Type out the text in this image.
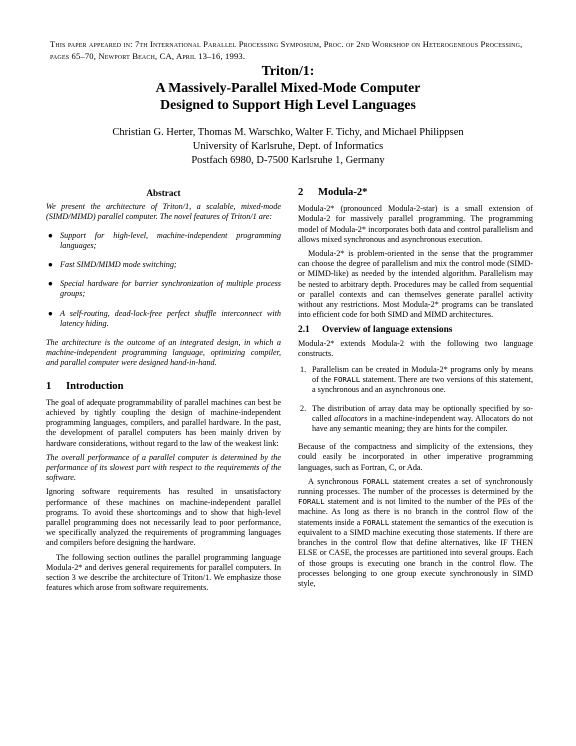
This paper appeared in: 7th International Parallel Processing Symposium, Proc. of 2nd Workshop on Heterogeneous Processing, pages 65–70, Newport Beach, CA, April 13–16, 1993.
Triton/1:
A Massively-Parallel Mixed-Mode Computer
Designed to Support High Level Languages
Christian G. Herter, Thomas M. Warschko, Walter F. Tichy, and Michael Philippsen
University of Karlsruhe, Dept. of Informatics
Postfach 6980, D-7500 Karlsruhe 1, Germany
Abstract
We present the architecture of Triton/1, a scalable, mixed-mode (SIMD/MIMD) parallel computer. The novel features of Triton/1 are:
● Support for high-level, machine-independent programming languages;
● Fast SIMD/MIMD mode switching;
● Special hardware for barrier synchronization of multiple process groups;
● A self-routing, dead-lock-free perfect shuffle interconnect with latency hiding.
The architecture is the outcome of an integrated design, in which a machine-independent programming language, optimizing compiler, and parallel computer were designed hand-in-hand.
1 Introduction
The goal of adequate programmability of parallel machines can best be achieved by tightly coupling the design of machine-independent programming languages, compilers, and parallel hardware. In the past, the development of parallel computers has been mainly driven by hardware considerations, without regard to the law of the weakest link:
The overall performance of a parallel computer is determined by the performance of its slowest part with respect to the requirements of the software.
Ignoring software requirements has resulted in unsatisfactory performance of these machines on machine-independent parallel programs. To avoid these shortcomings and to show that high-level parallel programming does not necessarily lead to poor performance, we specifically analyzed the requirements of programming languages and compilers before designing the hardware.
The following section outlines the parallel programming language Modula-2* and derives general requirements for parallel computers. In section 3 we describe the architecture of Triton/1. We emphasize those features which arose from software requirements.
2 Modula-2*
Modula-2* (pronounced Modula-2-star) is a small extension of Modula-2 for massively parallel programming. The programming model of Modula-2* incorporates both data and control parallelism and allows mixed synchronous and asynchronous execution.
Modula-2* is problem-oriented in the sense that the programmer can choose the degree of parallelism and mix the control mode (SIMD- or MIMD-like) as needed by the intended algorithm. Parallelism may be nested to arbitrary depth. Procedures may be called from sequential or parallel contexts and can themselves generate parallel activity without any restrictions. Most Modula-2* programs can be translated into efficient code for both SIMD and MIMD architectures.
2.1 Overview of language extensions
Modula-2* extends Modula-2 with the following two language constructs.
1. Parallelism can be created in Modula-2* programs only by means of the FORALL statement. There are two versions of this statement, a synchronous and an asynchronous one.
2. The distribution of array data may be optionally specified by so-called allocators in a machine-independent way. Allocators do not have any semantic meaning; they are hints for the compiler.
Because of the compactness and simplicity of the extensions, they could easily be incorporated in other imperative programming languages, such as Fortran, C, or Ada.
A synchronous FORALL statement creates a set of synchronously running processes. The number of the processes is determined by the FORALL statement and is not limited to the number of the PEs of the machine. As long as there is no branch in the control flow of the statements inside a FORALL statement the semantics of the execution is equivalent to a SIMD machine executing those statements. If there are branches in the control flow that define alternatives, like IF THEN ELSE or CASE, the processes are partitioned into several groups. Each of those groups is executing one branch in the control flow. The processes belonging to one group execute synchronously in SIMD style,
